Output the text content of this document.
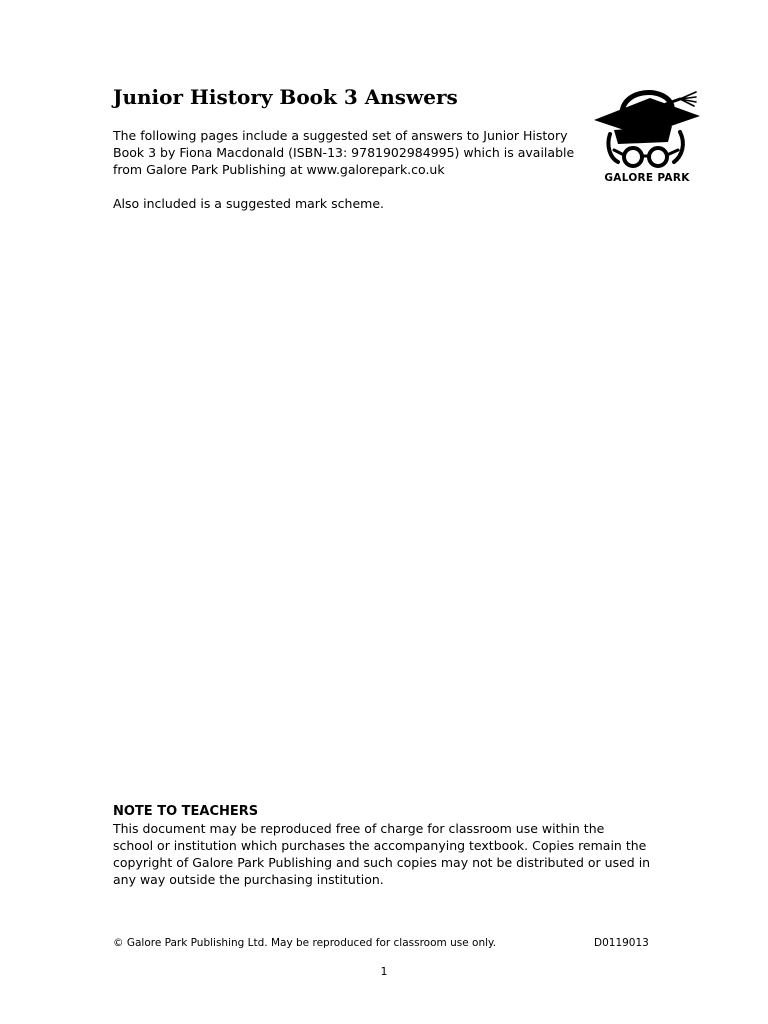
Junior History Book 3 Answers

The following pages include a suggested set of answers to Junior History
Book 3 by Fiona Macdonald (ISBN-13: 9781902984995) which is available
from Galore Park Publishing at www.galorepark.co.uk

Also included is a suggested mark scheme.

GALORE PARK

NOTE TO TEACHERS

This document may be reproduced free of charge for classroom use within the
school or institution which purchases the accompanying textbook. Copies remain the
copyright of Galore Park Publishing and such copies may not be distributed or used in
any way outside the purchasing institution.

© Galore Park Publishing Ltd. May be reproduced for classroom use only.	D0119013
1
